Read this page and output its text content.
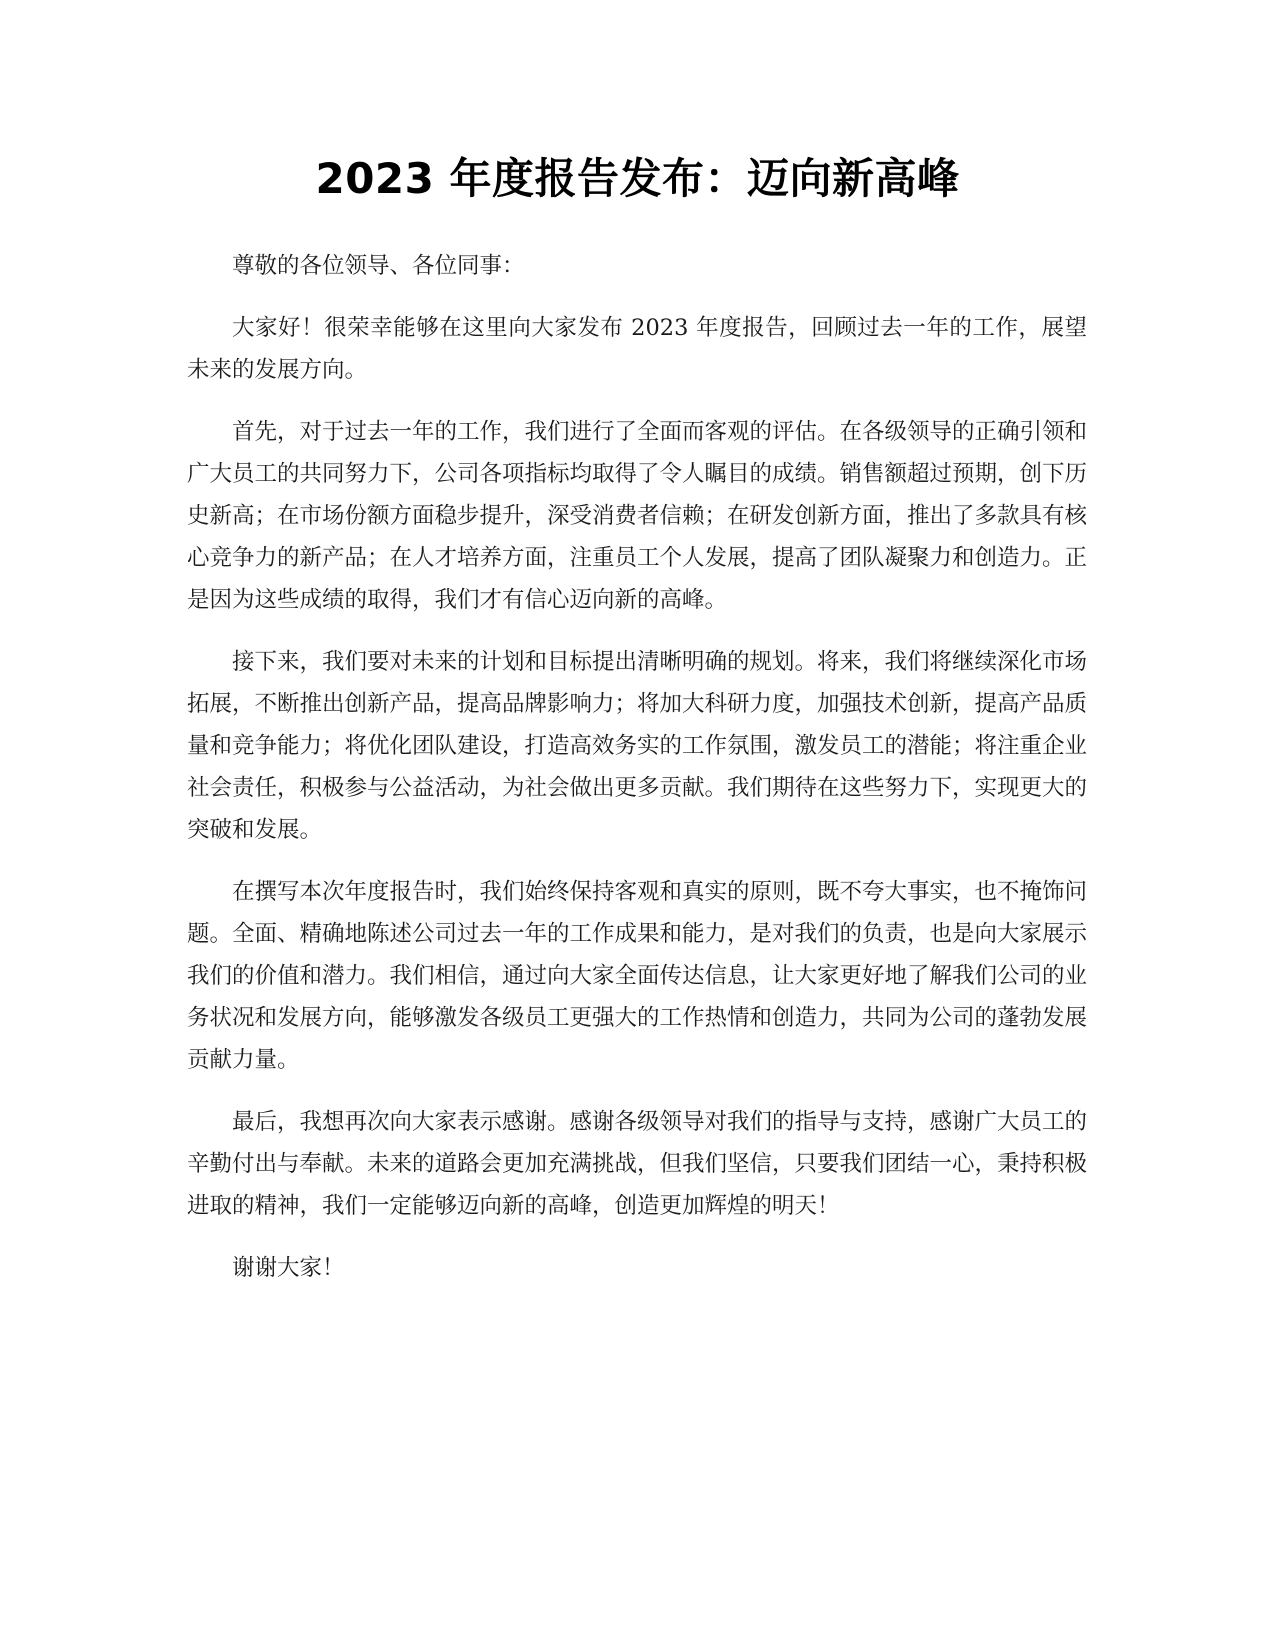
2023 年度报告发布：迈向新高峰

尊敬的各位领导、各位同事：

大家好！很荣幸能够在这里向大家发布 2023 年度报告，回顾过去一年的工作，展望未来的发展方向。

首先，对于过去一年的工作，我们进行了全面而客观的评估。在各级领导的正确引领和广大员工的共同努力下，公司各项指标均取得了令人瞩目的成绩。销售额超过预期，创下历史新高；在市场份额方面稳步提升，深受消费者信赖；在研发创新方面，推出了多款具有核心竞争力的新产品；在人才培养方面，注重员工个人发展，提高了团队凝聚力和创造力。正是因为这些成绩的取得，我们才有信心迈向新的高峰。

接下来，我们要对未来的计划和目标提出清晰明确的规划。将来，我们将继续深化市场拓展，不断推出创新产品，提高品牌影响力；将加大科研力度，加强技术创新，提高产品质量和竞争能力；将优化团队建设，打造高效务实的工作氛围，激发员工的潜能；将注重企业社会责任，积极参与公益活动，为社会做出更多贡献。我们期待在这些努力下，实现更大的突破和发展。

在撰写本次年度报告时，我们始终保持客观和真实的原则，既不夸大事实，也不掩饰问题。全面、精确地陈述公司过去一年的工作成果和能力，是对我们的负责，也是向大家展示我们的价值和潜力。我们相信，通过向大家全面传达信息，让大家更好地了解我们公司的业务状况和发展方向，能够激发各级员工更强大的工作热情和创造力，共同为公司的蓬勃发展贡献力量。

最后，我想再次向大家表示感谢。感谢各级领导对我们的指导与支持，感谢广大员工的辛勤付出与奉献。未来的道路会更加充满挑战，但我们坚信，只要我们团结一心，秉持积极进取的精神，我们一定能够迈向新的高峰，创造更加辉煌的明天！

谢谢大家！
